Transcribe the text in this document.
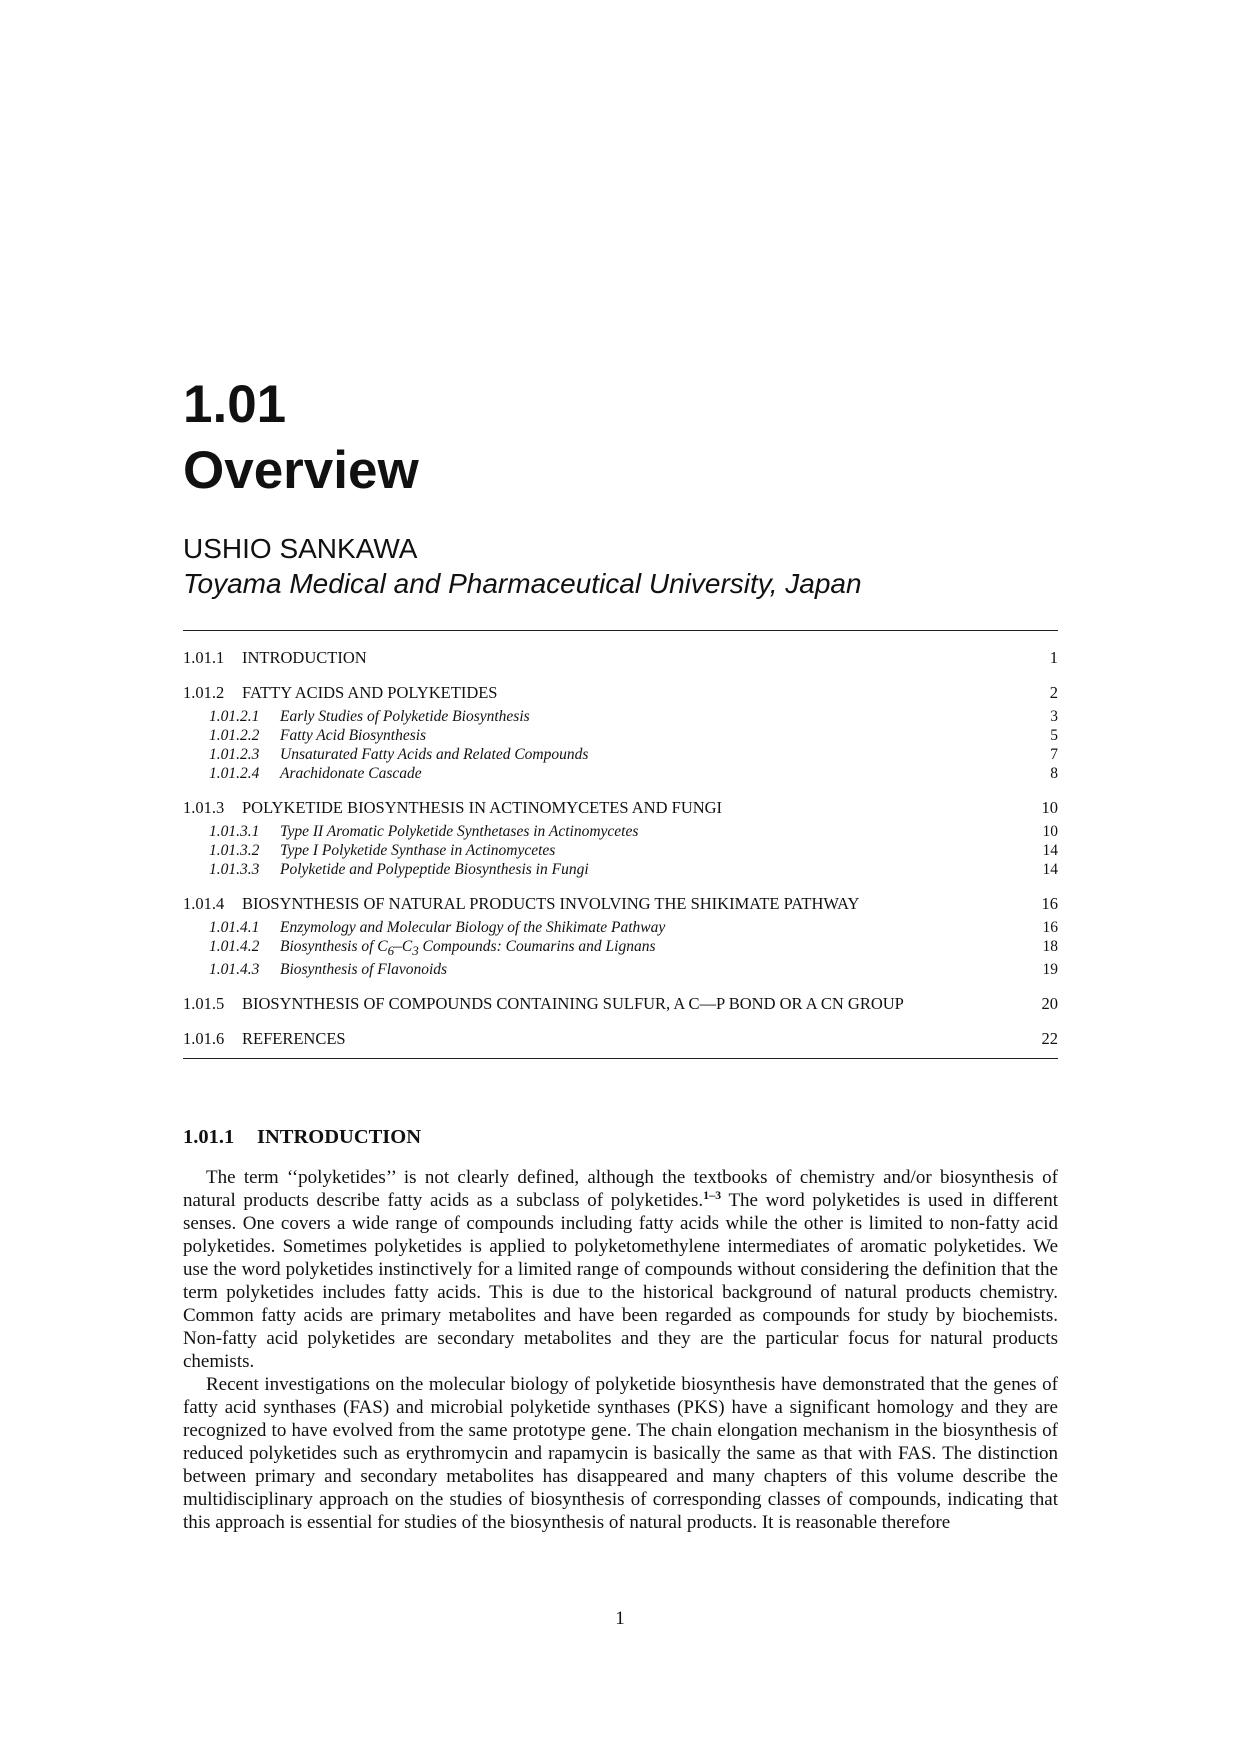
1.01
Overview
USHIO SANKAWA
Toyama Medical and Pharmaceutical University, Japan
1.01.1	INTRODUCTION	1
1.01.2	FATTY ACIDS AND POLYKETIDES	2
1.01.2.1	Early Studies of Polyketide Biosynthesis	3
1.01.2.2	Fatty Acid Biosynthesis	5
1.01.2.3	Unsaturated Fatty Acids and Related Compounds	7
1.01.2.4	Arachidonate Cascade	8
1.01.3	POLYKETIDE BIOSYNTHESIS IN ACTINOMYCETES AND FUNGI	10
1.01.3.1	Type II Aromatic Polyketide Synthetases in Actinomycetes	10
1.01.3.2	Type I Polyketide Synthase in Actinomycetes	14
1.01.3.3	Polyketide and Polypeptide Biosynthesis in Fungi	14
1.01.4	BIOSYNTHESIS OF NATURAL PRODUCTS INVOLVING THE SHIKIMATE PATHWAY	16
1.01.4.1	Enzymology and Molecular Biology of the Shikimate Pathway	16
1.01.4.2	Biosynthesis of $C_6-C_3$ Compounds: Coumarins and Lignans	18
1.01.4.3	Biosynthesis of Flavonoids	19
1.01.5	BIOSYNTHESIS OF COMPOUNDS CONTAINING SULFUR, A C—P BOND OR A CN GROUP	20
1.01.6	REFERENCES	22
1.01.1 INTRODUCTION

The term ‘‘polyketides’’ is not clearly defined, although the textbooks of chemistry and/or biosynthesis of natural products describe fatty acids as a subclass of polyketides.$^{1-3}$ The word polyketides is used in different senses. One covers a wide range of compounds including fatty acids while the other is limited to non-fatty acid polyketides. Sometimes polyketides is applied to polyketomethylene intermediates of aromatic polyketides. We use the word polyketides instinctively for a limited range of compounds without considering the definition that the term polyketides includes fatty acids. This is due to the historical background of natural products chemistry. Common fatty acids are primary metabolites and have been regarded as compounds for study by biochemists. Non-fatty acid polyketides are secondary metabolites and they are the particular focus for natural products chemists.

Recent investigations on the molecular biology of polyketide biosynthesis have demonstrated that the genes of fatty acid synthases (FAS) and microbial polyketide synthases (PKS) have a significant homology and they are recognized to have evolved from the same prototype gene. The chain elongation mechanism in the biosynthesis of reduced polyketides such as erythromycin and rapamycin is basically the same as that with FAS. The distinction between primary and secondary metabolites has disappeared and many chapters of this volume describe the multidisciplinary approach on the studies of biosynthesis of corresponding classes of compounds, indicating that this approach is essential for studies of the biosynthesis of natural products. It is reasonable therefore

1
